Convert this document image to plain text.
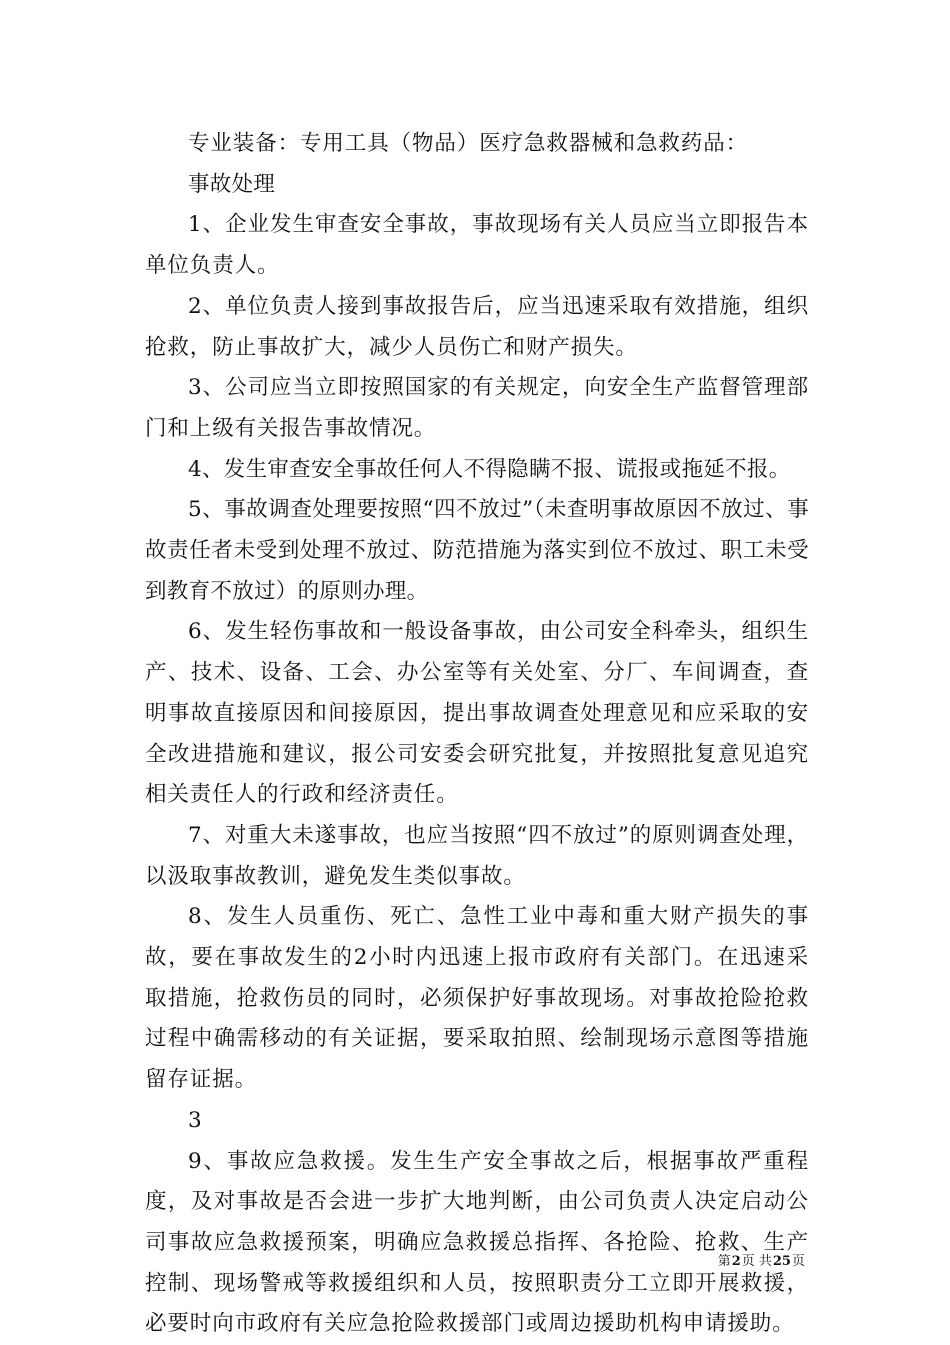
专业装备：专用工具（物品）医疗急救器械和急救药品：

事故处理

1、企业发生审查安全事故，事故现场有关人员应当立即报告本单位负责人。

2、单位负责人接到事故报告后，应当迅速采取有效措施，组织抢救，防止事故扩大，减少人员伤亡和财产损失。

3、公司应当立即按照国家的有关规定，向安全生产监督管理部门和上级有关报告事故情况。

4、发生审查安全事故任何人不得隐瞒不报、谎报或拖延不报。

5、事故调查处理要按照“四不放过”（未查明事故原因不放过、事故责任者未受到处理不放过、防范措施为落实到位不放过、职工未受到教育不放过）的原则办理。

6、发生轻伤事故和一般设备事故，由公司安全科牵头，组织生产、技术、设备、工会、办公室等有关处室、分厂、车间调查，查明事故直接原因和间接原因，提出事故调查处理意见和应采取的安全改进措施和建议，报公司安委会研究批复，并按照批复意见追究相关责任人的行政和经济责任。

7、对重大未遂事故，也应当按照“四不放过”的原则调查处理，以汲取事故教训，避免发生类似事故。

8、发生人员重伤、死亡、急性工业中毒和重大财产损失的事故，要在事故发生的2小时内迅速上报市政府有关部门。在迅速采取措施，抢救伤员的同时，必须保护好事故现场。对事故抢险抢救过程中确需移动的有关证据，要采取拍照、绘制现场示意图等措施留存证据。

3

9、事故应急救援。发生生产安全事故之后，根据事故严重程度，及对事故是否会进一步扩大地判断，由公司负责人决定启动公司事故应急救援预案，明确应急救援总指挥、各抢险、抢救、生产控制、现场警戒等救援组织和人员，按照职责分工立即开展救援，必要时向市政府有关应急抢险救援部门或周边援助机构申请援助。

第2页 共25页
